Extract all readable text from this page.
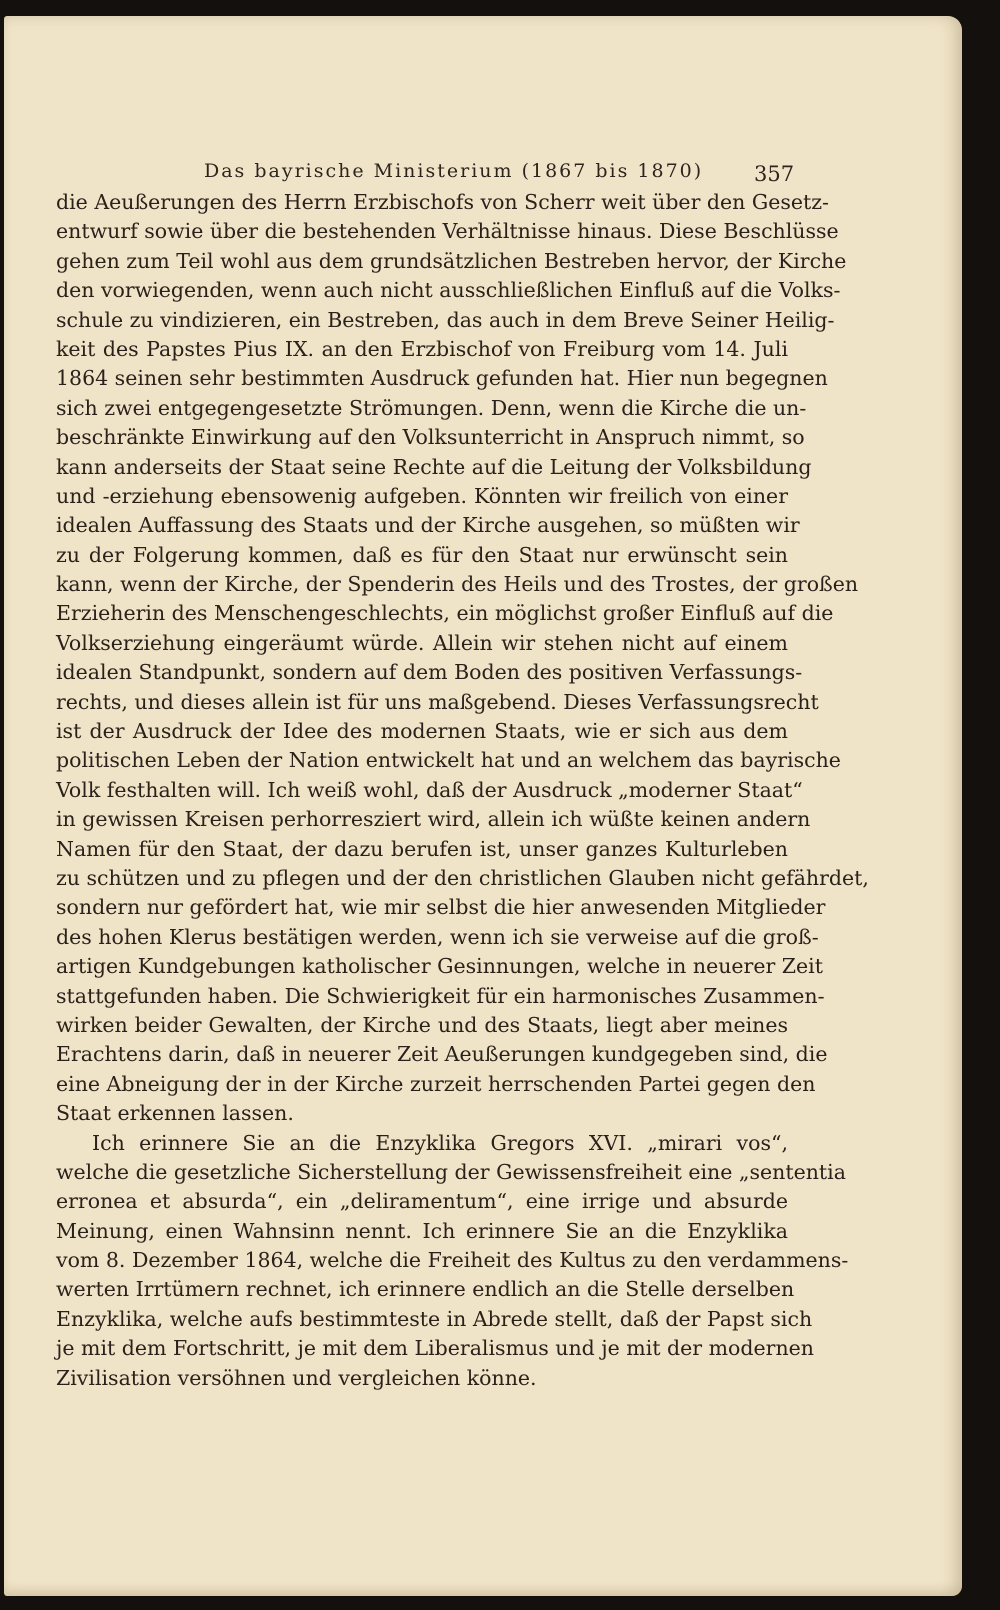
Das bayrische Ministerium (1867 bis 1870) 357
die Aeußerungen des Herrn Erzbischofs von Scherr weit über den Gesetz-
entwurf sowie über die bestehenden Verhältnisse hinaus. Diese Beschlüsse
gehen zum Teil wohl aus dem grundsätzlichen Bestreben hervor, der Kirche
den vorwiegenden, wenn auch nicht ausschließlichen Einfluß auf die Volks-
schule zu vindizieren, ein Bestreben, das auch in dem Breve Seiner Heilig-
keit des Papstes Pius IX. an den Erzbischof von Freiburg vom 14. Juli
1864 seinen sehr bestimmten Ausdruck gefunden hat. Hier nun begegnen
sich zwei entgegengesetzte Strömungen. Denn, wenn die Kirche die un-
beschränkte Einwirkung auf den Volksunterricht in Anspruch nimmt, so
kann anderseits der Staat seine Rechte auf die Leitung der Volksbildung
und -erziehung ebensowenig aufgeben. Könnten wir freilich von einer
idealen Auffassung des Staats und der Kirche ausgehen, so müßten wir
zu der Folgerung kommen, daß es für den Staat nur erwünscht sein
kann, wenn der Kirche, der Spenderin des Heils und des Trostes, der großen
Erzieherin des Menschengeschlechts, ein möglichst großer Einfluß auf die
Volkserziehung eingeräumt würde. Allein wir stehen nicht auf einem
idealen Standpunkt, sondern auf dem Boden des positiven Verfassungs-
rechts, und dieses allein ist für uns maßgebend. Dieses Verfassungsrecht
ist der Ausdruck der Idee des modernen Staats, wie er sich aus dem
politischen Leben der Nation entwickelt hat und an welchem das bayrische
Volk festhalten will. Ich weiß wohl, daß der Ausdruck „moderner Staat“
in gewissen Kreisen perhorresziert wird, allein ich wüßte keinen andern
Namen für den Staat, der dazu berufen ist, unser ganzes Kulturleben
zu schützen und zu pflegen und der den christlichen Glauben nicht gefährdet,
sondern nur gefördert hat, wie mir selbst die hier anwesenden Mitglieder
des hohen Klerus bestätigen werden, wenn ich sie verweise auf die groß-
artigen Kundgebungen katholischer Gesinnungen, welche in neuerer Zeit
stattgefunden haben. Die Schwierigkeit für ein harmonisches Zusammen-
wirken beider Gewalten, der Kirche und des Staats, liegt aber meines
Erachtens darin, daß in neuerer Zeit Aeußerungen kundgegeben sind, die
eine Abneigung der in der Kirche zurzeit herrschenden Partei gegen den
Staat erkennen lassen.
Ich erinnere Sie an die Enzyklika Gregors XVI. „mirari vos“,
welche die gesetzliche Sicherstellung der Gewissensfreiheit eine „sententia
erronea et absurda“, ein „deliramentum“, eine irrige und absurde
Meinung, einen Wahnsinn nennt. Ich erinnere Sie an die Enzyklika
vom 8. Dezember 1864, welche die Freiheit des Kultus zu den verdammens-
werten Irrtümern rechnet, ich erinnere endlich an die Stelle derselben
Enzyklika, welche aufs bestimmteste in Abrede stellt, daß der Papst sich
je mit dem Fortschritt, je mit dem Liberalismus und je mit der modernen
Zivilisation versöhnen und vergleichen könne.
